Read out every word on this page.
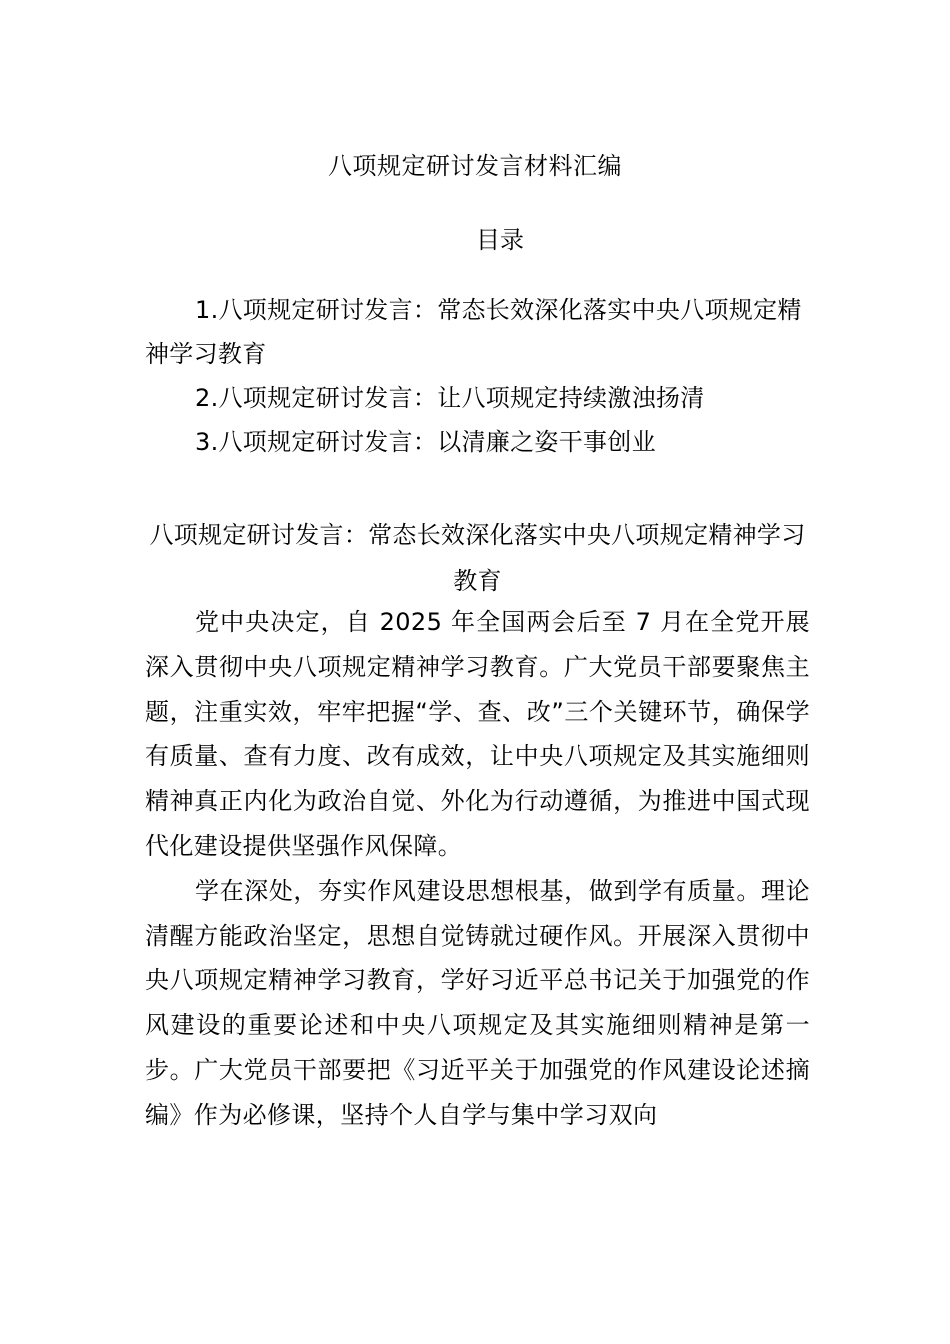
八项规定研讨发言材料汇编
目录

1.八项规定研讨发言：常态长效深化落实中央八项规定精神学习教育

2.八项规定研讨发言：让八项规定持续激浊扬清

3.八项规定研讨发言：以清廉之姿干事创业

八项规定研讨发言：常态长效深化落实中央八项规定精神学习教育

党中央决定，自 2025 年全国两会后至 7 月在全党开展深入贯彻中央八项规定精神学习教育。广大党员干部要聚焦主题，注重实效，牢牢把握“学、查、改”三个关键环节，确保学有质量、查有力度、改有成效，让中央八项规定及其实施细则精神真正内化为政治自觉、外化为行动遵循，为推进中国式现代化建设提供坚强作风保障。

学在深处，夯实作风建设思想根基，做到学有质量。理论清醒方能政治坚定，思想自觉铸就过硬作风。开展深入贯彻中央八项规定精神学习教育，学好习近平总书记关于加强党的作风建设的重要论述和中央八项规定及其实施细则精神是第一步。广大党员干部要把《习近平关于加强党的作风建设论述摘编》作为必修课，坚持个人自学与集中学习双向
